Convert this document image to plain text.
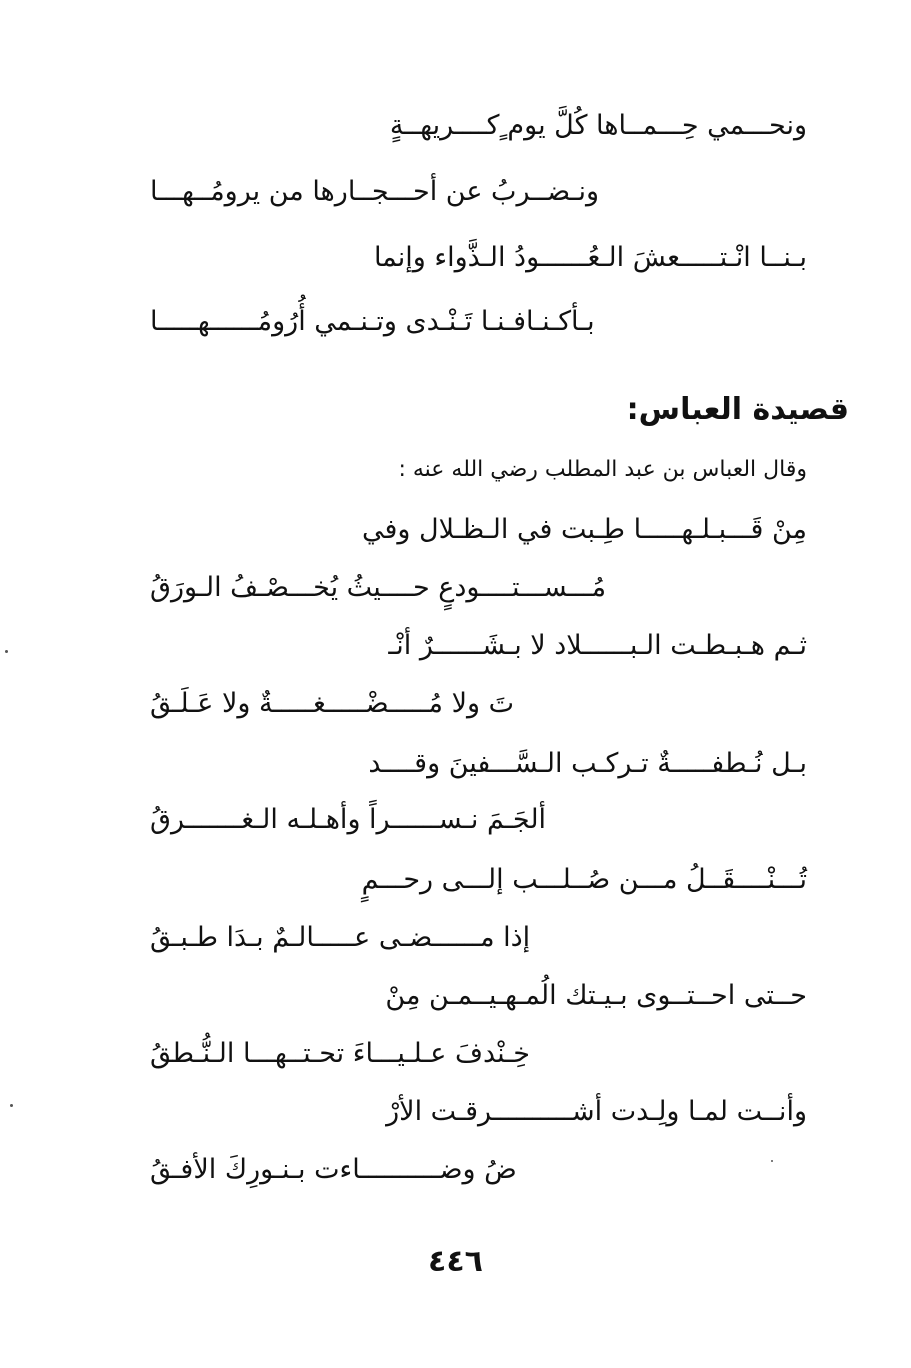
ونحـــمي حِـــمــاها كُلَّ يوم ٍكــــريهــةٍ
ونـضــربُ عن أحـــجــارها من يرومُــهـــا
بـنــا انْـتـــــعشَ الـعُــــــودُ الـذَّواء وإنما
بـأكـنـافـنـا تَـنْـدى وتـنـمي أُرُومُــــــهـــــا
قصيدة العباس:
وقال العباس بن عبد المطلب رضي الله عنه :
مِنْ قَـــبـلـهـــــا طِـبت في الـظـلال وفي
مُـــســـتــــودعٍ حــــيثُ يُخـــصْـفُ الـورَقُ
ثـم هـبـطـت الـبــــــلاد لا بـشَــــــرٌ أنْـ
تَ ولا مُـــــضْـــــغـــــةٌ ولا عَـلَـقُ
بـل نُـطفـــــةٌ تـركـب الـسَّـــفينَ وقــــد
ألجَـمَ نـســــــراً وأهـلـه الـغـــــــرقُ
تُـــنْــــقَــلُ مـــن صُــلـــب إلـــى رحـــمٍ
إذا مــــــضـى عـــــالـمٌ بـدَا طـبـقُ
حــتى احــتــوى بـيـتك الُمـهـيــمـن مِنْ
خِـنْدفَ عـلـيـــاءَ تحـتــهـــا الـنُّـطقُ
وأنــت لمـا ولِـدت أشــــــــــرقـت الأرْ
ضُ وضــــــــــاءت بـنـورِكَ الأفـقُ
٤٤٦
